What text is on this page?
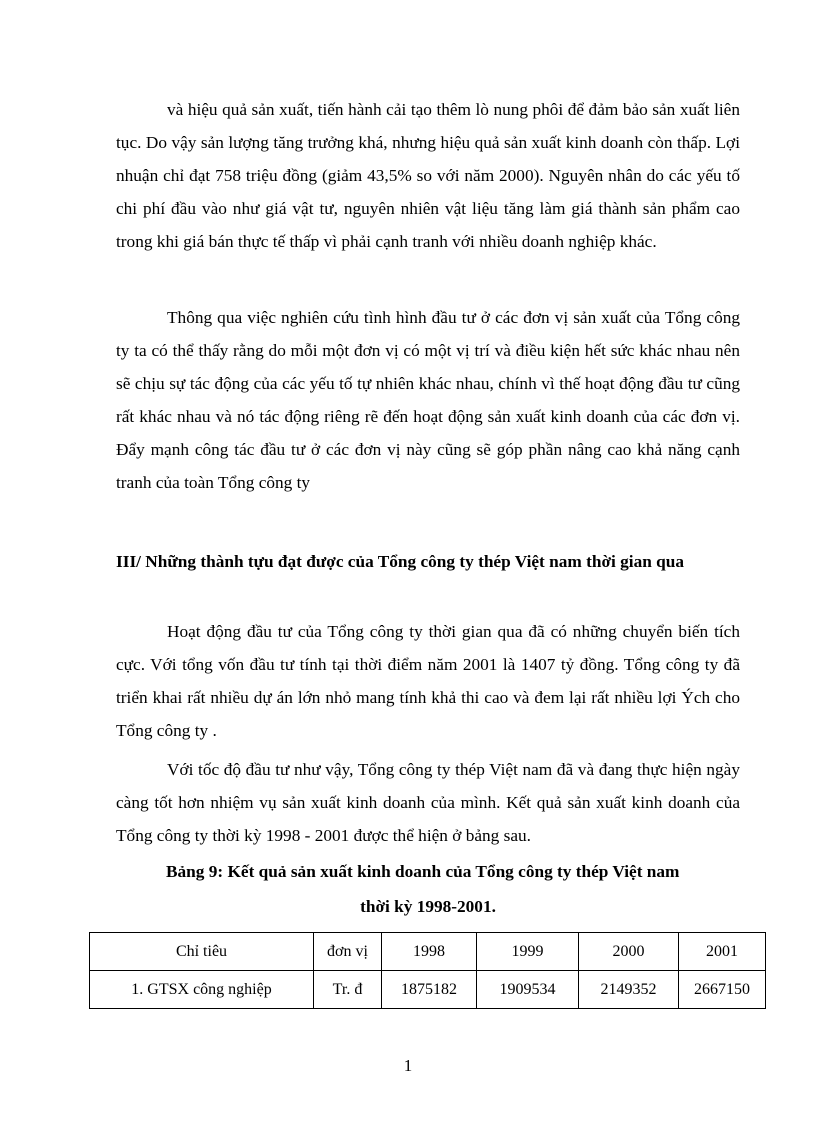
và hiệu quả sản xuất, tiến hành cải tạo thêm lò nung phôi để đảm bảo sản xuất liên tục. Do vậy sản lượng tăng trưởng khá, nhưng hiệu quả sản xuất kinh doanh còn thấp. Lợi nhuận chỉ đạt 758 triệu đồng (giảm 43,5% so với năm 2000). Nguyên nhân do các yếu tố chi phí đầu vào như giá vật tư, nguyên nhiên vật liệu tăng làm giá thành sản phẩm cao trong khi giá bán thực tế thấp vì phải cạnh tranh với nhiều doanh nghiệp khác.

Thông qua việc nghiên cứu tình hình đầu tư ở các đơn vị sản xuất của Tổng công ty ta có thể thấy rằng do mỗi một đơn vị có một vị trí và điều kiện hết sức khác nhau nên sẽ chịu sự tác động của các yếu tố tự nhiên khác nhau, chính vì thế hoạt động đầu tư cũng rất khác nhau và nó tác động riêng rẽ đến hoạt động sản xuất kinh doanh của các đơn vị. Đẩy mạnh công tác đầu tư ở các đơn vị này cũng sẽ góp phần nâng cao khả năng cạnh tranh của toàn Tổng công ty

III/ Những thành tựu đạt được của Tổng công ty thép Việt nam thời gian qua

Hoạt động đầu tư của Tổng công ty thời gian qua đã có những chuyển biến tích cực. Với tổng vốn đầu tư tính tại thời điểm năm 2001 là 1407 tỷ đồng. Tổng công ty đã triển khai rất nhiều dự án lớn nhỏ mang tính khả thi cao và đem lại rất nhiều lợi Ých cho Tổng công ty .

Với tốc độ đầu tư như vậy, Tổng công ty thép Việt nam đã và đang thực hiện ngày càng tốt hơn nhiệm vụ sản xuất kinh doanh của mình. Kết quả sản xuất kinh doanh của Tổng công ty thời kỳ 1998 - 2001 được thể hiện ở bảng sau.

Bảng 9: Kết quả sản xuất kinh doanh của Tổng công ty thép Việt nam
thời kỳ 1998-2001.
Chỉ tiêu	đơn vị	1998	1999	2000	2001
1. GTSX công nghiệp	Tr. đ	1875182	1909534	2149352	2667150
1
